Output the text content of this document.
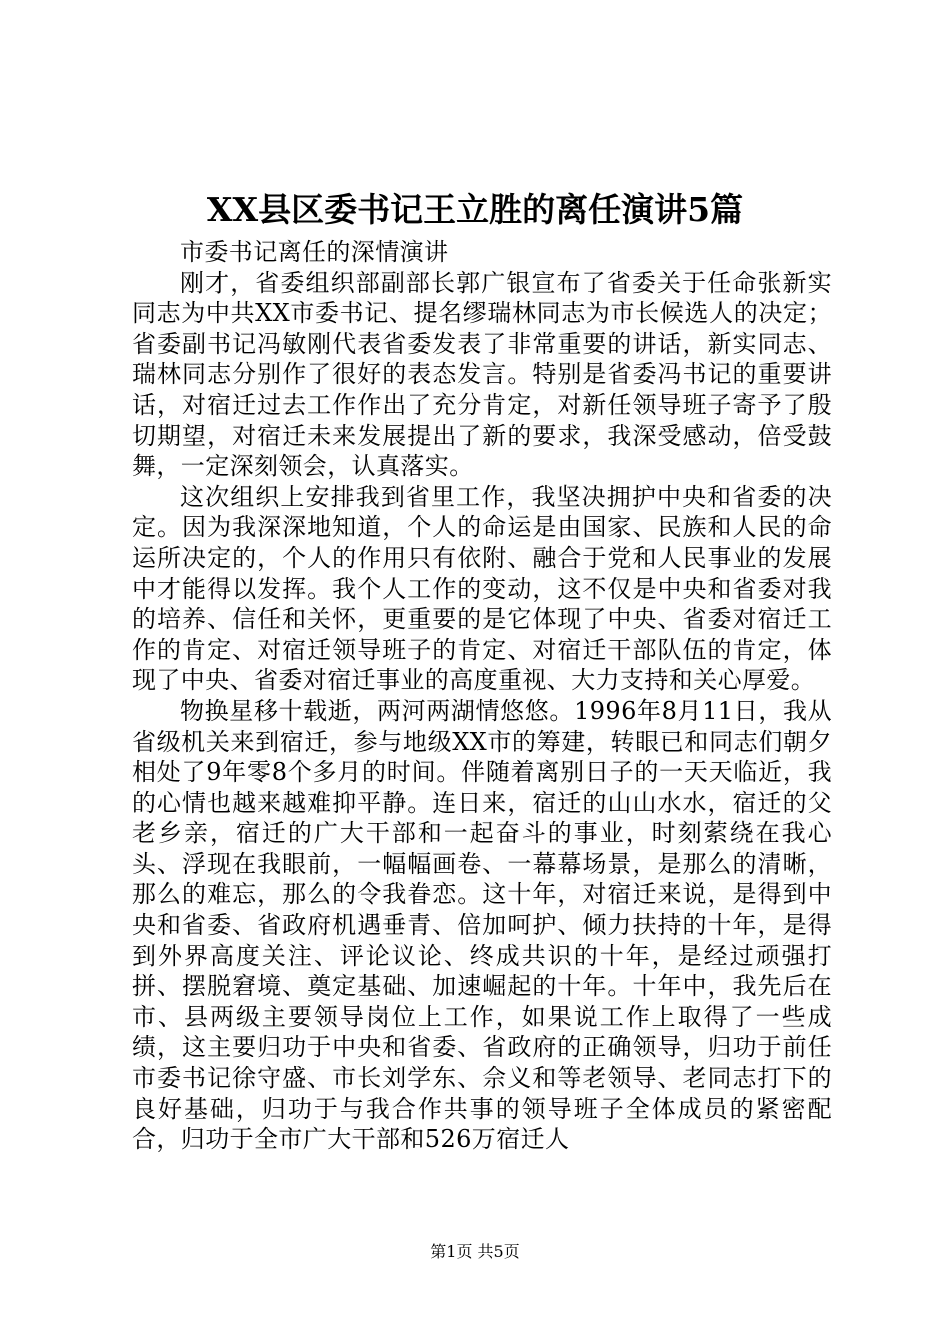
XX县区委书记王立胜的离任演讲5篇

市委书记离任的深情演讲

刚才，省委组织部副部长郭广银宣布了省委关于任命张新实同志为中共XX市委书记、提名缪瑞林同志为市长候选人的决定；省委副书记冯敏刚代表省委发表了非常重要的讲话，新实同志、瑞林同志分别作了很好的表态发言。特别是省委冯书记的重要讲话，对宿迁过去工作作出了充分肯定，对新任领导班子寄予了殷切期望，对宿迁未来发展提出了新的要求，我深受感动，倍受鼓舞，一定深刻领会，认真落实。

这次组织上安排我到省里工作，我坚决拥护中央和省委的决定。因为我深深地知道，个人的命运是由国家、民族和人民的命运所决定的，个人的作用只有依附、融合于党和人民事业的发展中才能得以发挥。我个人工作的变动，这不仅是中央和省委对我的培养、信任和关怀，更重要的是它体现了中央、省委对宿迁工作的肯定、对宿迁领导班子的肯定、对宿迁干部队伍的肯定，体现了中央、省委对宿迁事业的高度重视、大力支持和关心厚爱。

物换星移十载逝，两河两湖情悠悠。1996年8月11日，我从省级机关来到宿迁，参与地级XX市的筹建，转眼已和同志们朝夕相处了9年零8个多月的时间。伴随着离别日子的一天天临近，我的心情也越来越难抑平静。连日来，宿迁的山山水水，宿迁的父老乡亲，宿迁的广大干部和一起奋斗的事业，时刻萦绕在我心头、浮现在我眼前，一幅幅画卷、一幕幕场景，是那么的清晰，那么的难忘，那么的令我眷恋。这十年，对宿迁来说，是得到中央和省委、省政府机遇垂青、倍加呵护、倾力扶持的十年，是得到外界高度关注、评论议论、终成共识的十年，是经过顽强打拼、摆脱窘境、奠定基础、加速崛起的十年。十年中，我先后在市、县两级主要领导岗位上工作，如果说工作上取得了一些成绩，这主要归功于中央和省委、省政府的正确领导，归功于前任市委书记徐守盛、市长刘学东、佘义和等老领导、老同志打下的良好基础，归功于与我合作共事的领导班子全体成员的紧密配合，归功于全市广大干部和526万宿迁人

第1页 共5页
